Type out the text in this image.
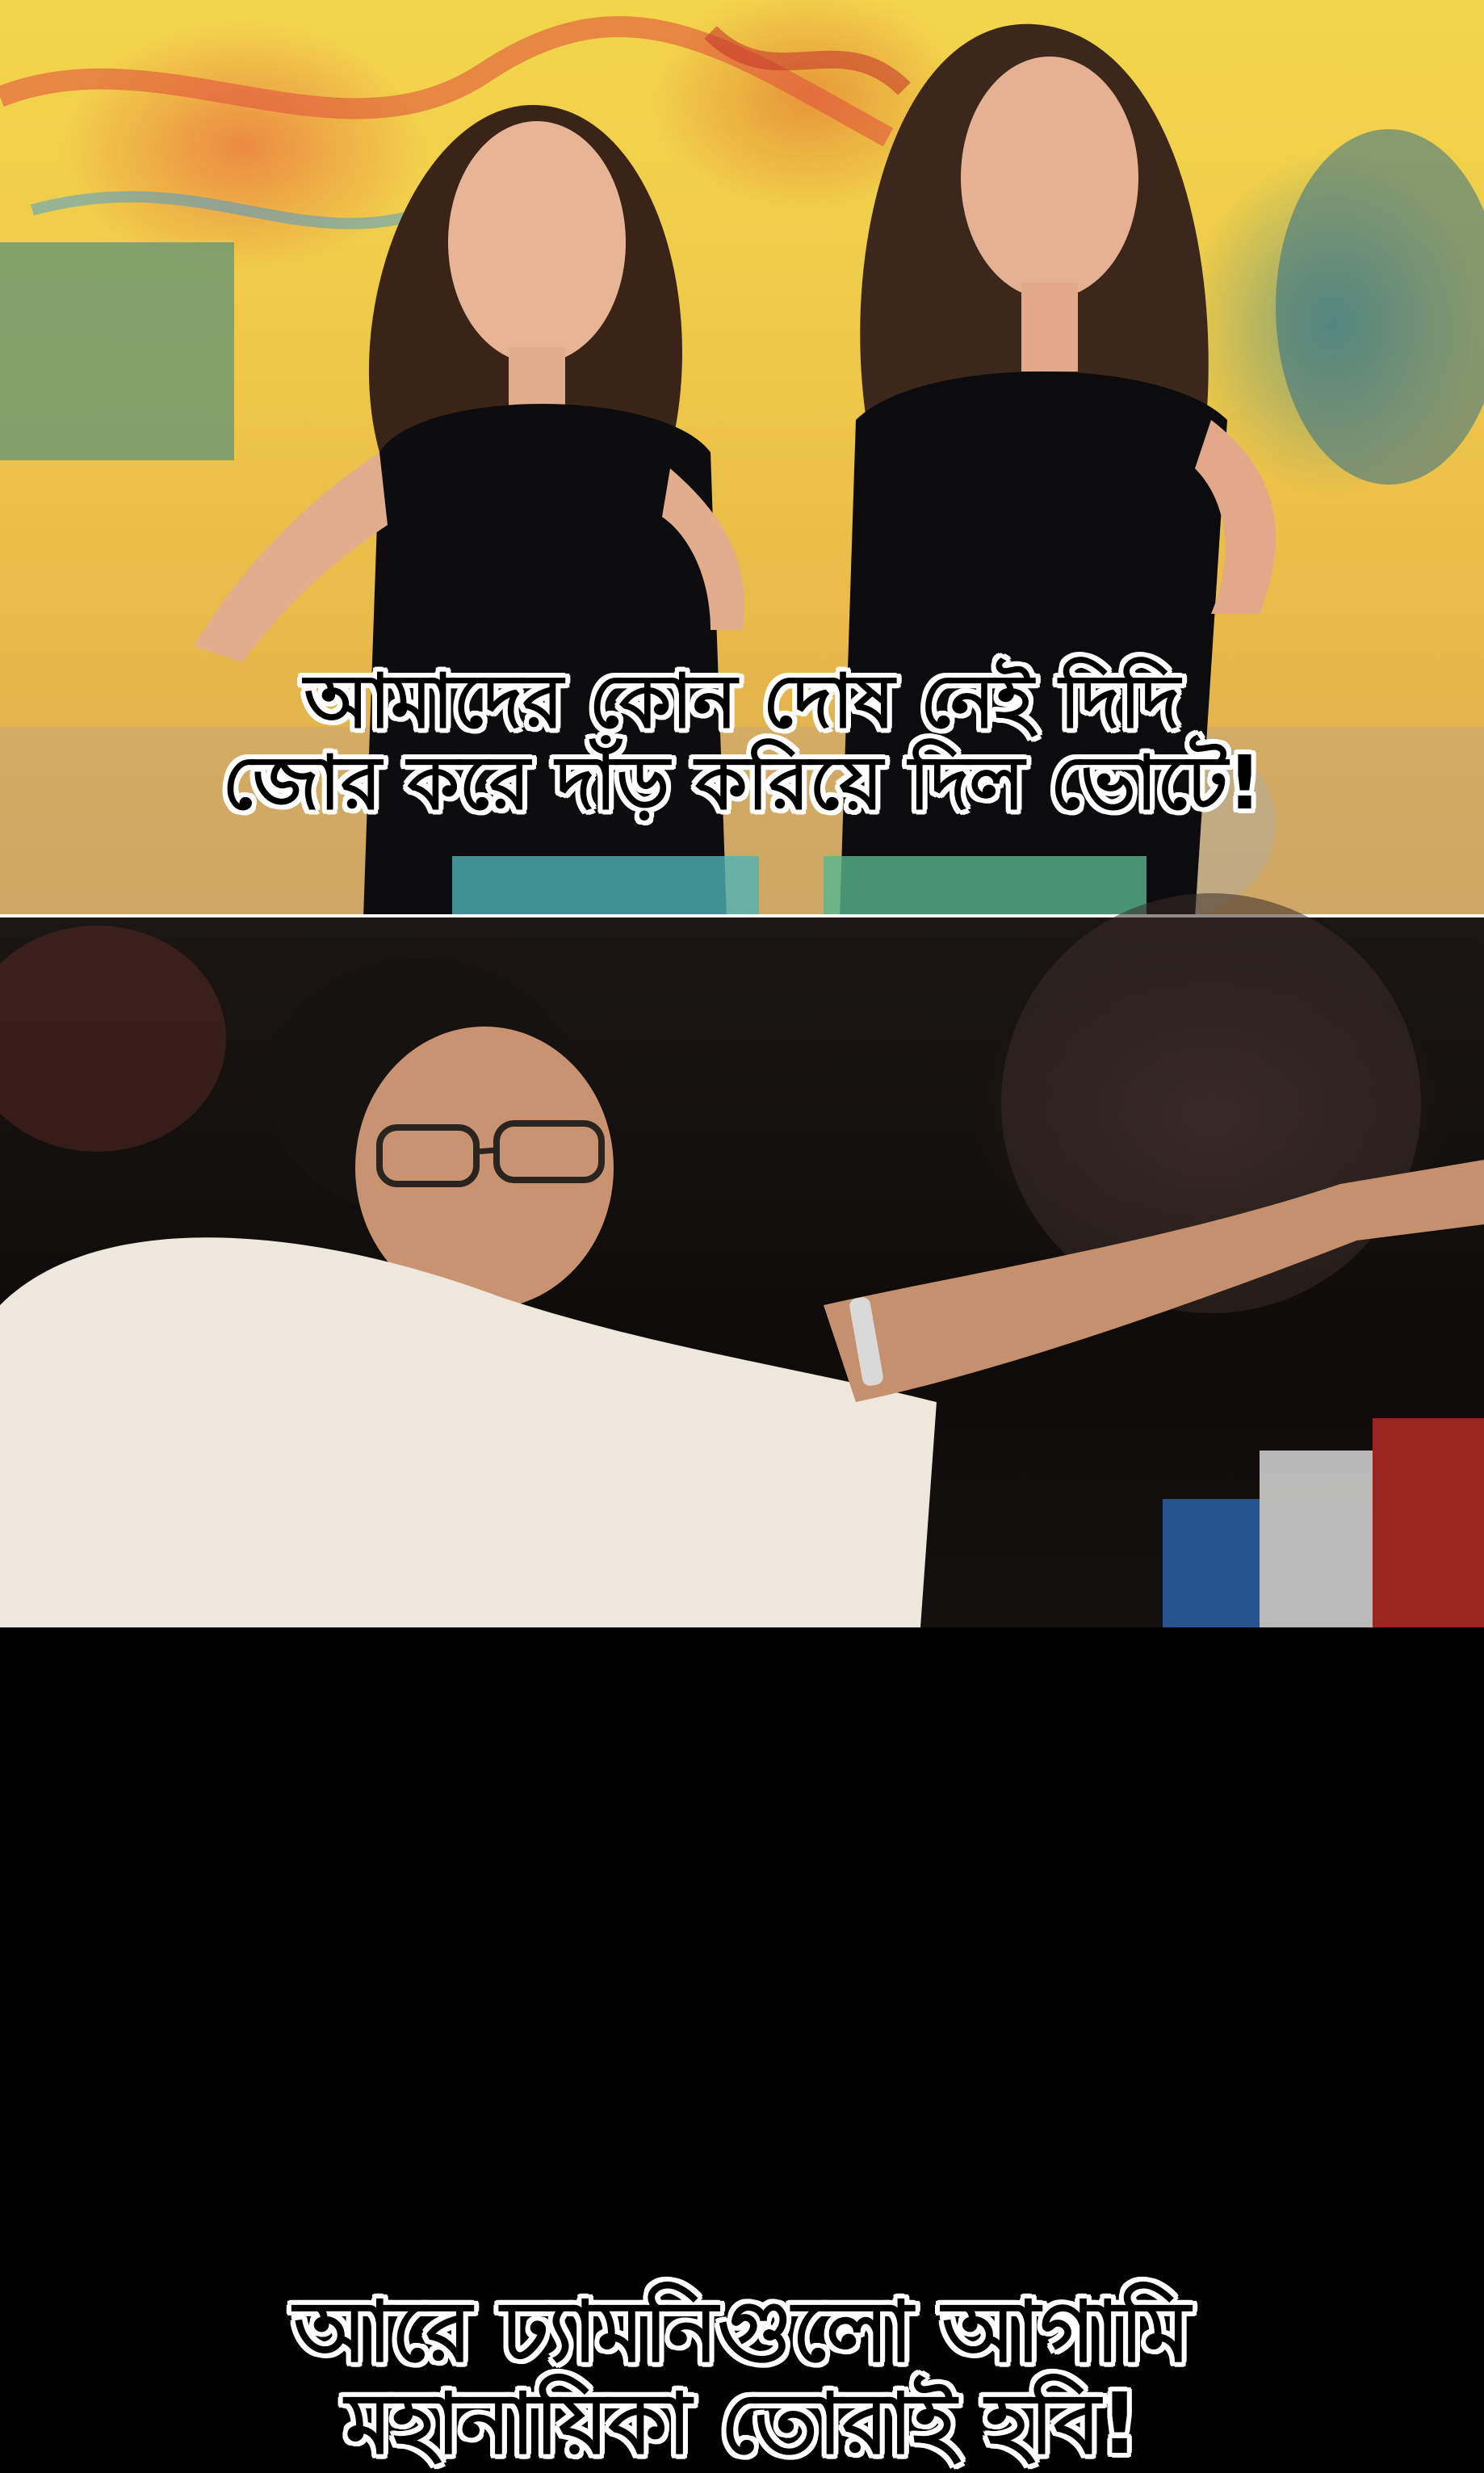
আমাদের কোন দোষ নেই দিদি
জোর করে দাঁড় করিয়ে দিল ভোটে!
আরে ঢ্যামনিগুলো আগামি
মহানায়িকা তোরাই হবি!
